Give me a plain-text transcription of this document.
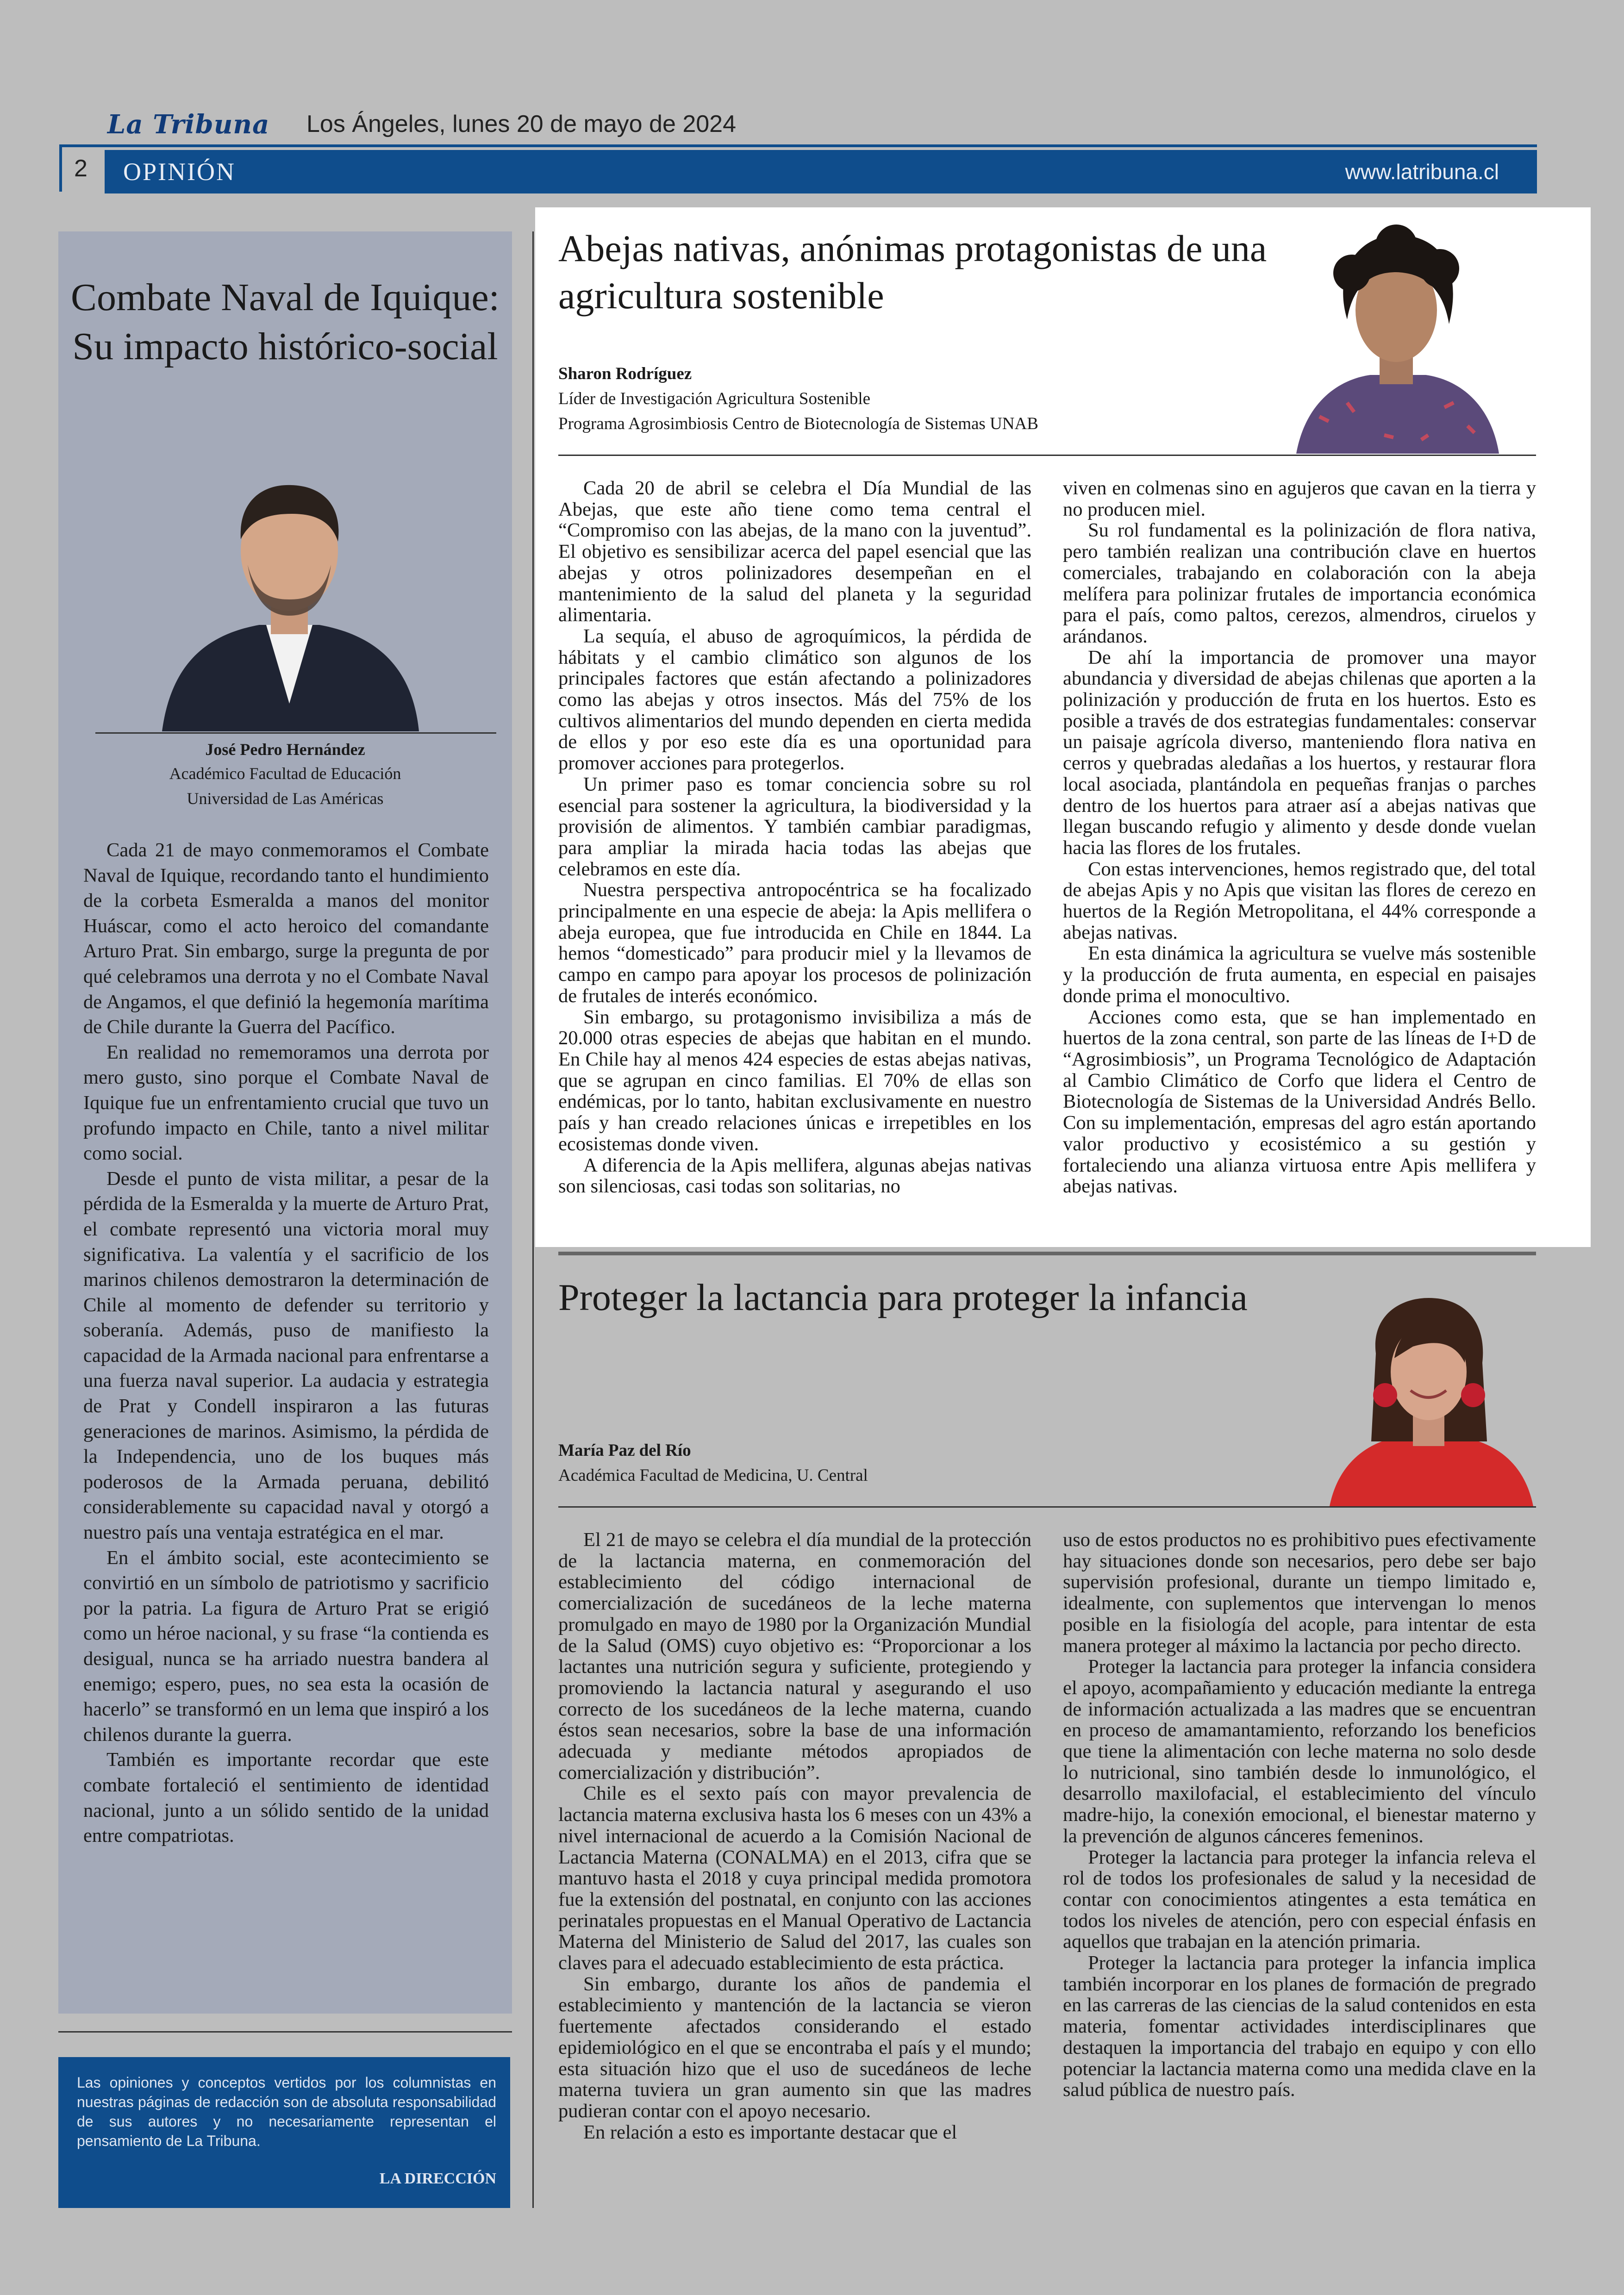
La Tribuna Los Ángeles, lunes 20 de mayo de 2024
2 OPINIÓN	www.latribuna.cl
Combate Naval de Iquique: Su impacto histórico-social
José Pedro Hernández
Académico Facultad de Educación
Universidad de Las Américas

Cada 21 de mayo conmemoramos el Combate Naval de Iquique, recordando tanto el hundimiento de la corbeta Esmeralda a manos del monitor Huáscar, como el acto heroico del comandante Arturo Prat. Sin embargo, surge la pregunta de por qué celebramos una derrota y no el Combate Naval de Angamos, el que definió la hegemonía marítima de Chile durante la Guerra del Pacífico.

En realidad no rememoramos una derrota por mero gusto, sino porque el Combate Naval de Iquique fue un enfrentamiento crucial que tuvo un profundo impacto en Chile, tanto a nivel militar como social.

Desde el punto de vista militar, a pesar de la pérdida de la Esmeralda y la muerte de Arturo Prat, el combate representó una victoria moral muy significativa. La valentía y el sacrificio de los marinos chilenos demostraron la determinación de Chile al momento de defender su territorio y soberanía. Además, puso de manifiesto la capacidad de la Armada nacional para enfrentarse a una fuerza naval superior. La audacia y estrategia de Prat y Condell inspiraron a las futuras generaciones de marinos. Asimismo, la pérdida de la Independencia, uno de los buques más poderosos de la Armada peruana, debilitó considerablemente su capacidad naval y otorgó a nuestro país una ventaja estratégica en el mar.

En el ámbito social, este acontecimiento se convirtió en un símbolo de patriotismo y sacrificio por la patria. La figura de Arturo Prat se erigió como un héroe nacional, y su frase “la contienda es desigual, nunca se ha arriado nuestra bandera al enemigo; espero, pues, no sea esta la ocasión de hacerlo” se transformó en un lema que inspiró a los chilenos durante la guerra.

También es importante recordar que este combate fortaleció el sentimiento de identidad nacional, junto a un sólido sentido de la unidad entre compatriotas.

Las opiniones y conceptos vertidos por los columnistas en nuestras páginas de redacción son de absoluta responsabilidad de sus autores y no necesariamente representan el pensamiento de La Tribuna.
LA DIRECCIÓN
Abejas nativas, anónimas protagonistas de una agricultura sostenible
Sharon Rodríguez
Líder de Investigación Agricultura Sostenible
Programa Agrosimbiosis Centro de Biotecnología de Sistemas UNAB

Cada 20 de abril se celebra el Día Mundial de las Abejas, que este año tiene como tema central el “Compromiso con las abejas, de la mano con la juventud”. El objetivo es sensibilizar acerca del papel esencial que las abejas y otros polinizadores desempeñan en el mantenimiento de la salud del planeta y la seguridad alimentaria.

La sequía, el abuso de agroquímicos, la pérdida de hábitats y el cambio climático son algunos de los principales factores que están afectando a polinizadores como las abejas y otros insectos. Más del 75% de los cultivos alimentarios del mundo dependen en cierta medida de ellos y por eso este día es una oportunidad para promover acciones para protegerlos.

Un primer paso es tomar conciencia sobre su rol esencial para sostener la agricultura, la biodiversidad y la provisión de alimentos. Y también cambiar paradigmas, para ampliar la mirada hacia todas las abejas que celebramos en este día.

Nuestra perspectiva antropocéntrica se ha focalizado principalmente en una especie de abeja: la Apis mellifera o abeja europea, que fue introducida en Chile en 1844. La hemos “domesticado” para producir miel y la llevamos de campo en campo para apoyar los procesos de polinización de frutales de interés económico.

Sin embargo, su protagonismo invisibiliza a más de 20.000 otras especies de abejas que habitan en el mundo. En Chile hay al menos 424 especies de estas abejas nativas, que se agrupan en cinco familias. El 70% de ellas son endémicas, por lo tanto, habitan exclusivamente en nuestro país y han creado relaciones únicas e irrepetibles en los ecosistemas donde viven.

A diferencia de la Apis mellifera, algunas abejas nativas son silenciosas, casi todas son solitarias, no

viven en colmenas sino en agujeros que cavan en la tierra y no producen miel.

Su rol fundamental es la polinización de flora nativa, pero también realizan una contribución clave en huertos comerciales, trabajando en colaboración con la abeja melífera para polinizar frutales de importancia económica para el país, como paltos, cerezos, almendros, ciruelos y arándanos.

De ahí la importancia de promover una mayor abundancia y diversidad de abejas chilenas que aporten a la polinización y producción de fruta en los huertos. Esto es posible a través de dos estrategias fundamentales: conservar un paisaje agrícola diverso, manteniendo flora nativa en cerros y quebradas aledañas a los huertos, y restaurar flora local asociada, plantándola en pequeñas franjas o parches dentro de los huertos para atraer así a abejas nativas que llegan buscando refugio y alimento y desde donde vuelan hacia las flores de los frutales.

Con estas intervenciones, hemos registrado que, del total de abejas Apis y no Apis que visitan las flores de cerezo en huertos de la Región Metropolitana, el 44% corresponde a abejas nativas.

En esta dinámica la agricultura se vuelve más sostenible y la producción de fruta aumenta, en especial en paisajes donde prima el monocultivo.

Acciones como esta, que se han implementado en huertos de la zona central, son parte de las líneas de I+D de “Agrosimbiosis”, un Programa Tecnológico de Adaptación al Cambio Climático de Corfo que lidera el Centro de Biotecnología de Sistemas de la Universidad Andrés Bello. Con su implementación, empresas del agro están aportando valor productivo y ecosistémico a su gestión y fortaleciendo una alianza virtuosa entre Apis mellifera y abejas nativas.

Proteger la lactancia para proteger la infancia
María Paz del Río
Académica Facultad de Medicina, U. Central

El 21 de mayo se celebra el día mundial de la protección de la lactancia materna, en conmemoración del establecimiento del código internacional de comercialización de sucedáneos de la leche materna promulgado en mayo de 1980 por la Organización Mundial de la Salud (OMS) cuyo objetivo es: “Proporcionar a los lactantes una nutrición segura y suficiente, protegiendo y promoviendo la lactancia natural y asegurando el uso correcto de los sucedáneos de la leche materna, cuando éstos sean necesarios, sobre la base de una información adecuada y mediante métodos apropiados de comercialización y distribución”.

Chile es el sexto país con mayor prevalencia de lactancia materna exclusiva hasta los 6 meses con un 43% a nivel internacional de acuerdo a la Comisión Nacional de Lactancia Materna (CONALMA) en el 2013, cifra que se mantuvo hasta el 2018 y cuya principal medida promotora fue la extensión del postnatal, en conjunto con las acciones perinatales propuestas en el Manual Operativo de Lactancia Materna del Ministerio de Salud del 2017, las cuales son claves para el adecuado establecimiento de esta práctica.

Sin embargo, durante los años de pandemia el establecimiento y mantención de la lactancia se vieron fuertemente afectados considerando el estado epidemiológico en el que se encontraba el país y el mundo; esta situación hizo que el uso de sucedáneos de leche materna tuviera un gran aumento sin que las madres pudieran contar con el apoyo necesario.

En relación a esto es importante destacar que el

uso de estos productos no es prohibitivo pues efectivamente hay situaciones donde son necesarios, pero debe ser bajo supervisión profesional, durante un tiempo limitado e, idealmente, con suplementos que intervengan lo menos posible en la fisiología del acople, para intentar de esta manera proteger al máximo la lactancia por pecho directo.

Proteger la lactancia para proteger la infancia considera el apoyo, acompañamiento y educación mediante la entrega de información actualizada a las madres que se encuentran en proceso de amamantamiento, reforzando los beneficios que tiene la alimentación con leche materna no solo desde lo nutricional, sino también desde lo inmunológico, el desarrollo maxilofacial, el establecimiento del vínculo madre-hijo, la conexión emocional, el bienestar materno y la prevención de algunos cánceres femeninos.

Proteger la lactancia para proteger la infancia releva el rol de todos los profesionales de salud y la necesidad de contar con conocimientos atingentes a esta temática en todos los niveles de atención, pero con especial énfasis en aquellos que trabajan en la atención primaria.

Proteger la lactancia para proteger la infancia implica también incorporar en los planes de formación de pregrado en las carreras de las ciencias de la salud contenidos en esta materia, fomentar actividades interdisciplinares que destaquen la importancia del trabajo en equipo y con ello potenciar la lactancia materna como una medida clave en la salud pública de nuestro país.
